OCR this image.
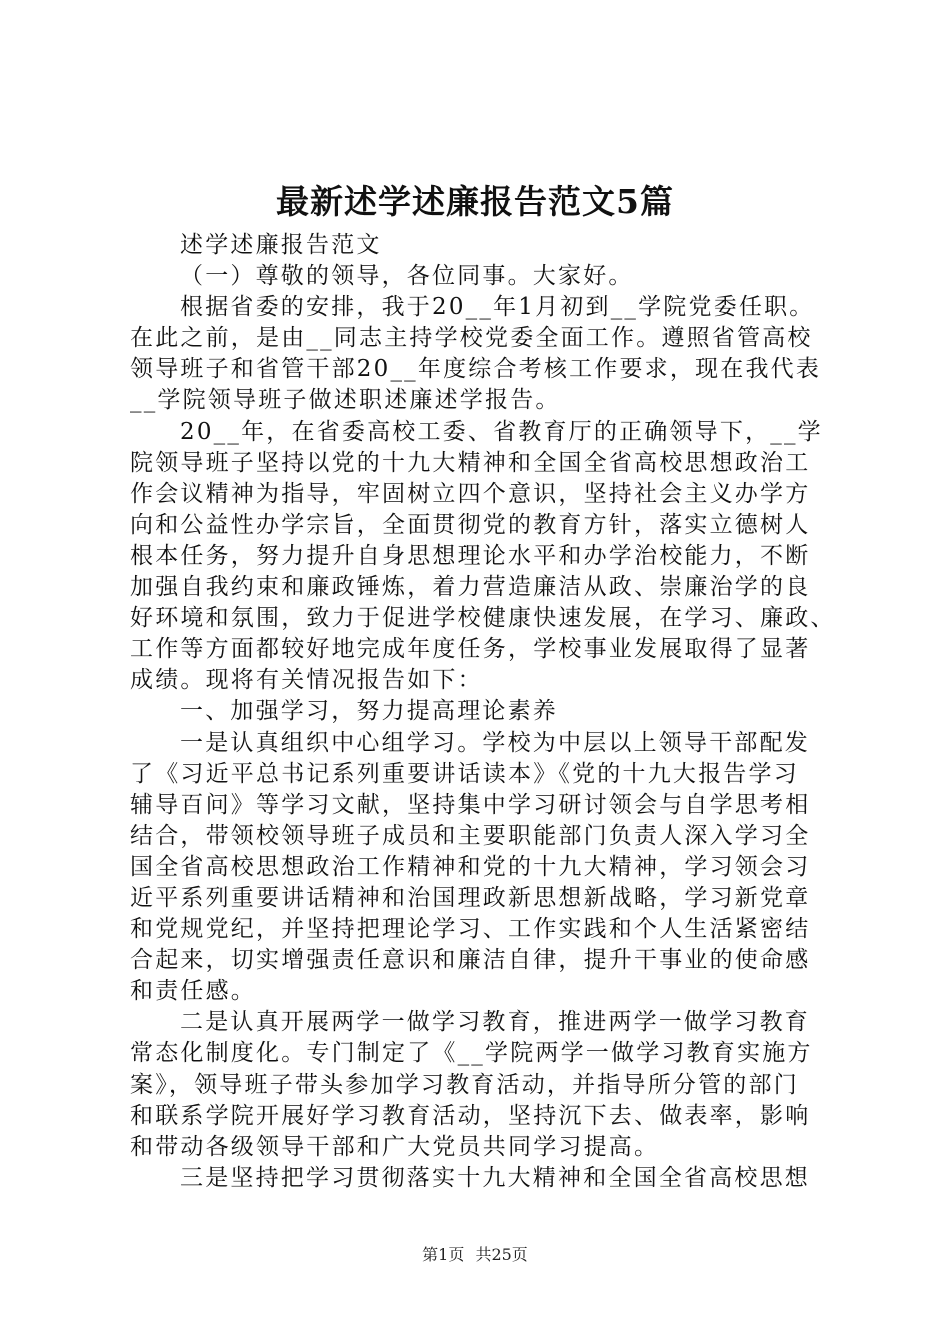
最新述学述廉报告范文5篇
述学述廉报告范文
（一）尊敬的领导，各位同事。大家好。
根据省委的安排，我于20__年1月初到__学院党委任职。
在此之前，是由__同志主持学校党委全面工作。遵照省管高校
领导班子和省管干部20__年度综合考核工作要求，现在我代表
__学院领导班子做述职述廉述学报告。
20__年，在省委高校工委、省教育厅的正确领导下，__学
院领导班子坚持以党的十九大精神和全国全省高校思想政治工
作会议精神为指导，牢固树立四个意识，坚持社会主义办学方
向和公益性办学宗旨，全面贯彻党的教育方针，落实立德树人
根本任务，努力提升自身思想理论水平和办学治校能力，不断
加强自我约束和廉政锤炼，着力营造廉洁从政、崇廉治学的良
好环境和氛围，致力于促进学校健康快速发展，在学习、廉政、
工作等方面都较好地完成年度任务，学校事业发展取得了显著
成绩。现将有关情况报告如下：
一、加强学习，努力提高理论素养
一是认真组织中心组学习。学校为中层以上领导干部配发
了《习近平总书记系列重要讲话读本》《党的十九大报告学习
辅导百问》等学习文献，坚持集中学习研讨领会与自学思考相
结合，带领校领导班子成员和主要职能部门负责人深入学习全
国全省高校思想政治工作精神和党的十九大精神，学习领会习
近平系列重要讲话精神和治国理政新思想新战略，学习新党章
和党规党纪，并坚持把理论学习、工作实践和个人生活紧密结
合起来，切实增强责任意识和廉洁自律，提升干事业的使命感
和责任感。
二是认真开展两学一做学习教育，推进两学一做学习教育
常态化制度化。专门制定了《__学院两学一做学习教育实施方
案》，领导班子带头参加学习教育活动，并指导所分管的部门
和联系学院开展好学习教育活动，坚持沉下去、做表率，影响
和带动各级领导干部和广大党员共同学习提高。
三是坚持把学习贯彻落实十九大精神和全国全省高校思想
第1页 共25页
